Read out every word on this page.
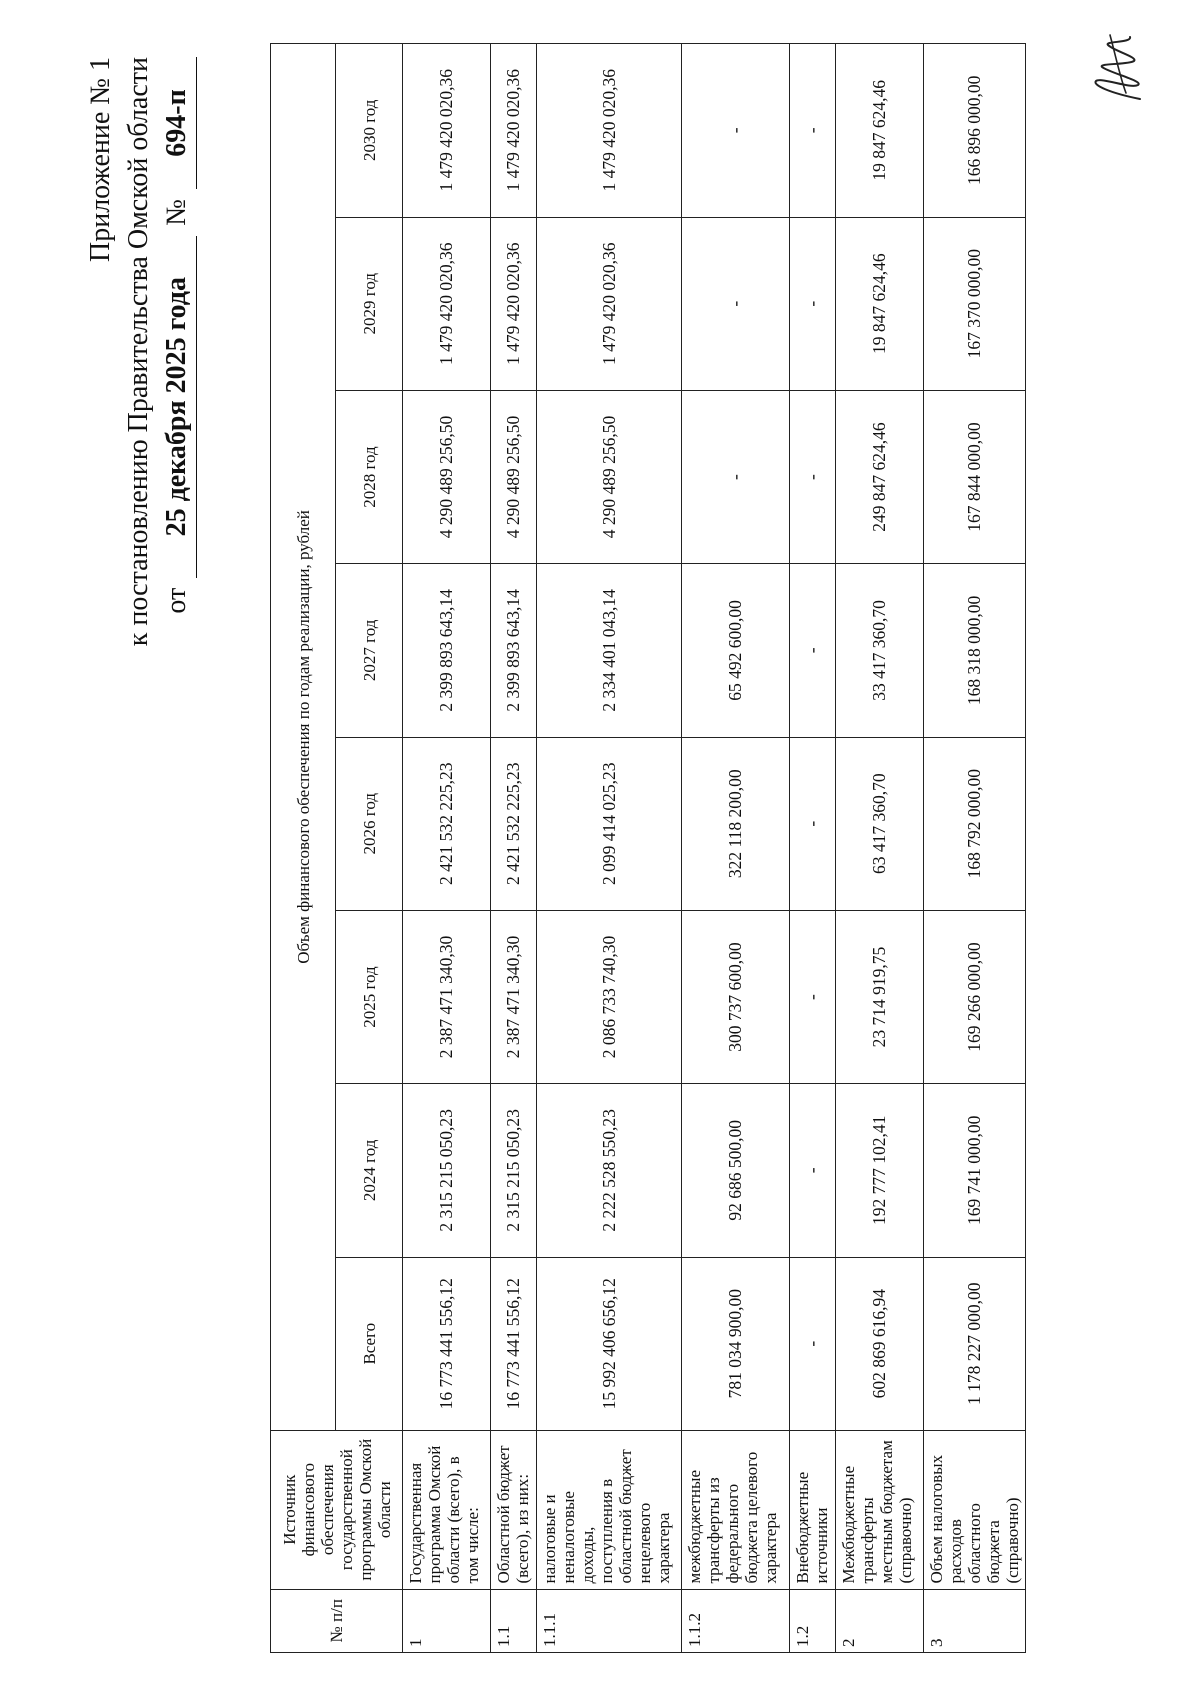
Приложение № 1 к постановлению Правительства Омской области от
25 декабря 2025 года
№
694-п
№ п/п	Источник финансового обеспечения государственной программы Омской области	Объем финансового обеспечения по годам реализации, рублей							
		Всего	2024 год	2025 год	2026 год	2027 год	2028 год	2029 год	2030 год
1	Государственная программа Омской области (всего), в том числе:	16 773 441 556,12	2 315 215 050,23	2 387 471 340,30	2 421 532 225,23	2 399 893 643,14	4 290 489 256,50	1 479 420 020,36	1 479 420 020,36
1.1	Областной бюджет (всего), из них:	16 773 441 556,12	2 315 215 050,23	2 387 471 340,30	2 421 532 225,23	2 399 893 643,14	4 290 489 256,50	1 479 420 020,36	1 479 420 020,36
1.1.1	налоговые и неналоговые доходы, поступления в областной бюджет нецелевого характера	15 992 406 656,12	2 222 528 550,23	2 086 733 740,30	2 099 414 025,23	2 334 401 043,14	4 290 489 256,50	1 479 420 020,36	1 479 420 020,36
1.1.2	межбюджетные трансферты из федерального бюджета целевого характера	781 034 900,00	92 686 500,00	300 737 600,00	322 118 200,00	65 492 600,00	-	-	-
1.2	Внебюджетные источники	-	-	-	-	-	-	-	-
2	Межбюджетные трансферты местным бюджетам (справочно)	602 869 616,94	192 777 102,41	23 714 919,75	63 417 360,70	33 417 360,70	249 847 624,46	19 847 624,46	19 847 624,46
3	Объем налоговых расходов областного бюджета (справочно)	1 178 227 000,00	169 741 000,00	169 266 000,00	168 792 000,00	168 318 000,00	167 844 000,00	167 370 000,00	166 896 000,00
